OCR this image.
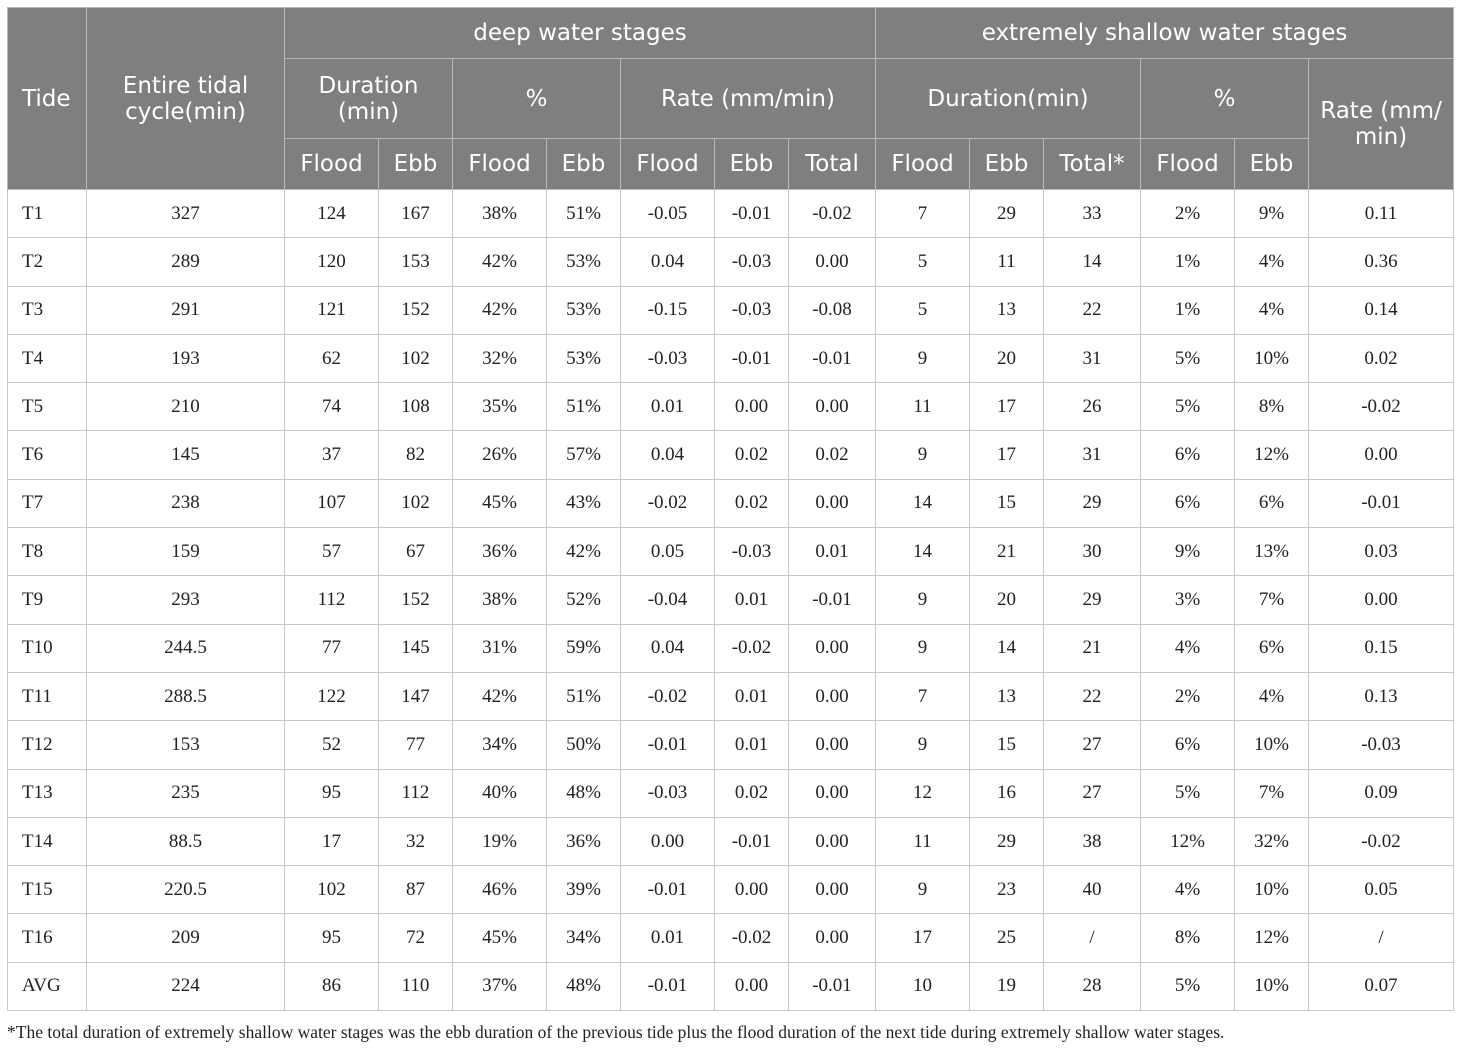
Tide	Entire tidal cycle(min)	deep water stages							extremely shallow water stages					
		Duration (min)		%		Rate (mm/min)			Duration(min)			%		Rate (mm/ min)
		Flood	Ebb	Flood	Ebb	Flood	Ebb	Total	Flood	Ebb	Total*	Flood	Ebb	
T1	327	124	167	38%	51%	-0.05	-0.01	-0.02	7	29	33	2%	9%	0.11
T2	289	120	153	42%	53%	0.04	-0.03	0.00	5	11	14	1%	4%	0.36
T3	291	121	152	42%	53%	-0.15	-0.03	-0.08	5	13	22	1%	4%	0.14
T4	193	62	102	32%	53%	-0.03	-0.01	-0.01	9	20	31	5%	10%	0.02
T5	210	74	108	35%	51%	0.01	0.00	0.00	11	17	26	5%	8%	-0.02
T6	145	37	82	26%	57%	0.04	0.02	0.02	9	17	31	6%	12%	0.00
T7	238	107	102	45%	43%	-0.02	0.02	0.00	14	15	29	6%	6%	-0.01
T8	159	57	67	36%	42%	0.05	-0.03	0.01	14	21	30	9%	13%	0.03
T9	293	112	152	38%	52%	-0.04	0.01	-0.01	9	20	29	3%	7%	0.00
T10	244.5	77	145	31%	59%	0.04	-0.02	0.00	9	14	21	4%	6%	0.15
T11	288.5	122	147	42%	51%	-0.02	0.01	0.00	7	13	22	2%	4%	0.13
T12	153	52	77	34%	50%	-0.01	0.01	0.00	9	15	27	6%	10%	-0.03
T13	235	95	112	40%	48%	-0.03	0.02	0.00	12	16	27	5%	7%	0.09
T14	88.5	17	32	19%	36%	0.00	-0.01	0.00	11	29	38	12%	32%	-0.02
T15	220.5	102	87	46%	39%	-0.01	0.00	0.00	9	23	40	4%	10%	0.05
T16	209	95	72	45%	34%	0.01	-0.02	0.00	17	25	/	8%	12%	/
AVG	224	86	110	37%	48%	-0.01	0.00	-0.01	10	19	28	5%	10%	0.07
*The total duration of extremely shallow water stages was the ebb duration of the previous tide plus the flood duration of the next tide during extremely shallow water stages.
